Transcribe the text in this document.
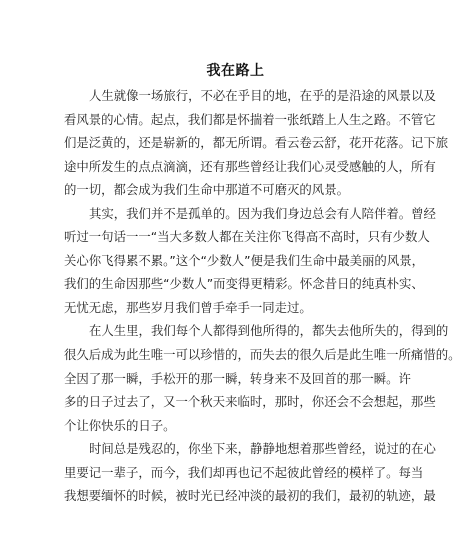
我在路上
人生就像一场旅行，不必在乎目的地，在乎的是沿途的风景以及
看风景的心情。起点，我们都是怀揣着一张纸踏上人生之路。不管它
们是泛黄的，还是崭新的，都无所谓。看云卷云舒，花开花落。记下旅
途中所发生的点点滴滴，还有那些曾经让我们心灵受感触的人，所有
的一切，都会成为我们生命中那道不可磨灭的风景。
其实，我们并不是孤单的。因为我们身边总会有人陪伴着。曾经
听过一句话一一“当大多数人都在关注你飞得高不高时，只有少数人
关心你飞得累不累。”这个“少数人”便是我们生命中最美丽的风景，
我们的生命因那些“少数人”而变得更精彩。怀念昔日的纯真朴实、
无忧无虑，那些岁月我们曾手牵手一同走过。
在人生里，我们每个人都得到他所得的，都失去他所失的，得到的
很久后成为此生唯一可以珍惜的，而失去的很久后是此生唯一所痛惜的。
全因了那一瞬，手松开的那一瞬，转身来不及回首的那一瞬。许
多的日子过去了，又一个秋天来临时，那时，你还会不会想起，那些
个让你快乐的日子。
时间总是残忍的，你坐下来，静静地想着那些曾经，说过的在心
里要记一辈子，而今，我们却再也记不起彼此曾经的模样了。每当
我想要缅怀的时候，被时光已经冲淡的最初的我们，最初的轨迹，最
